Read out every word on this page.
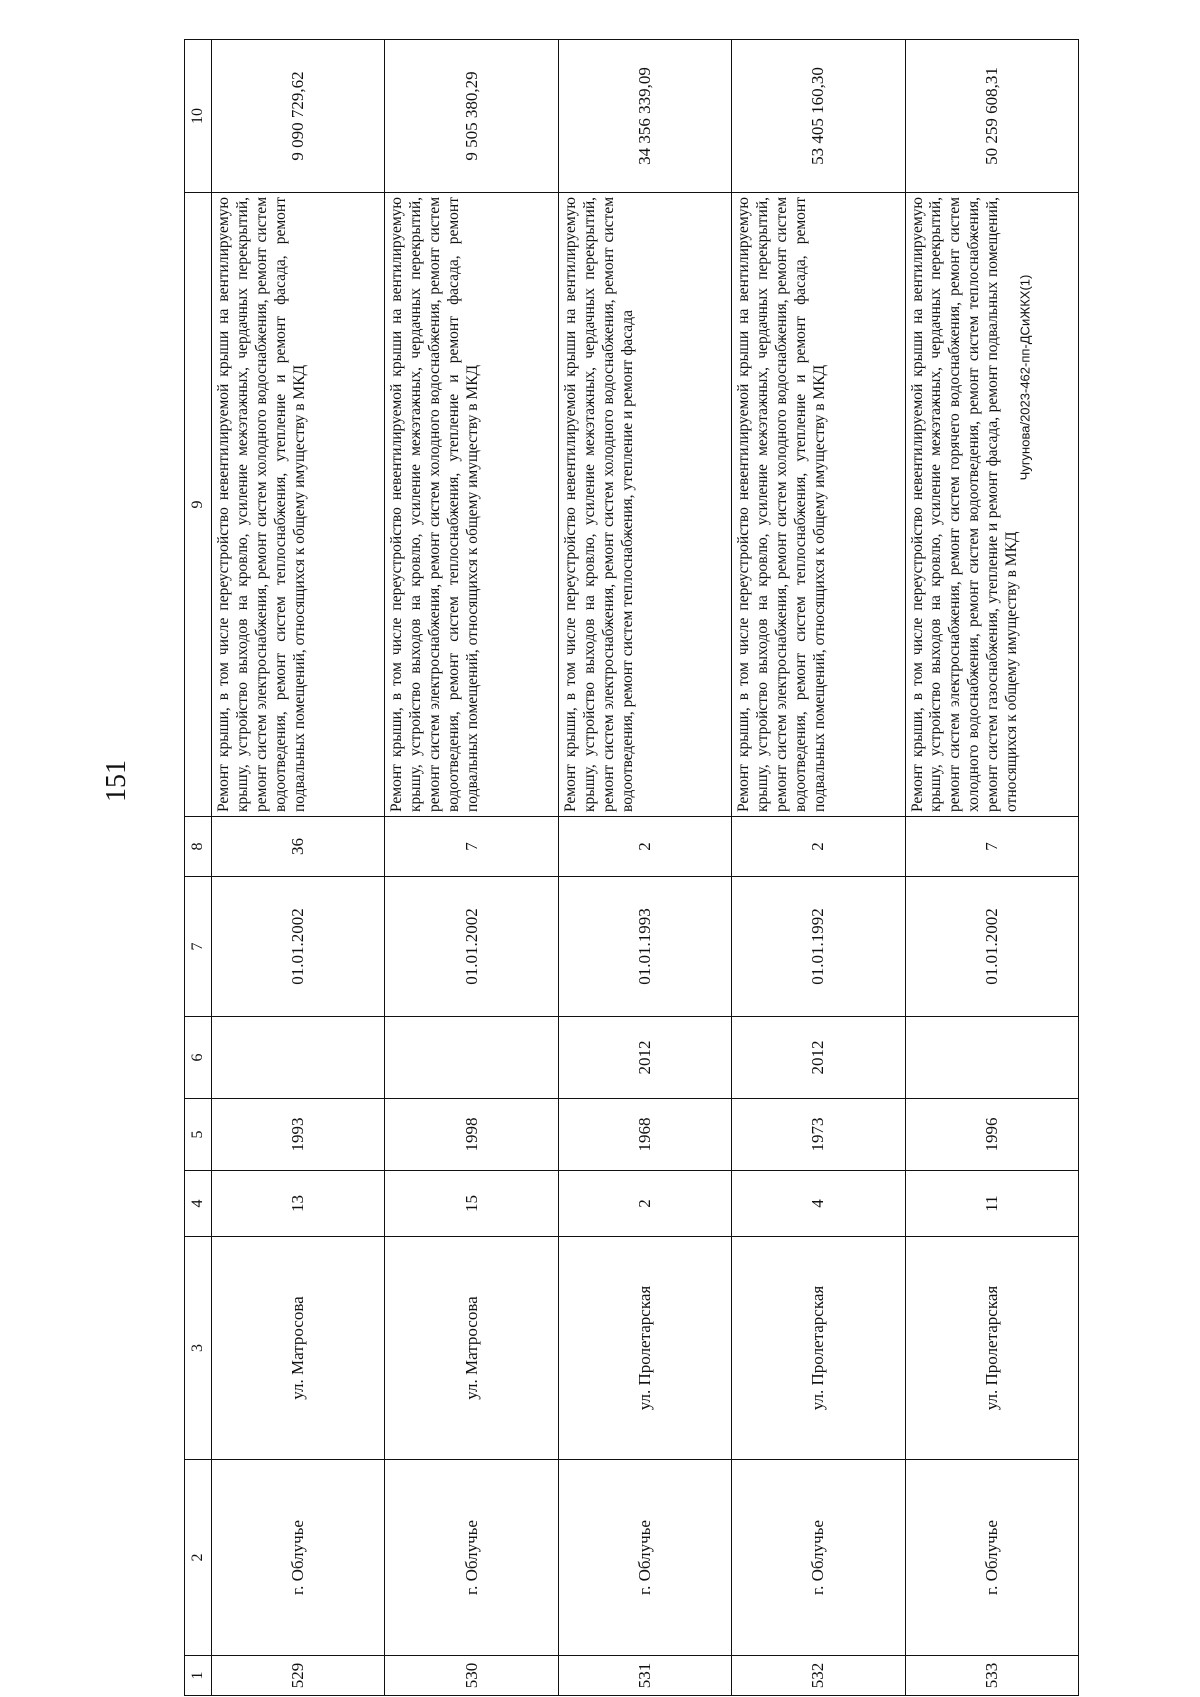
151
Чугунова/2023-462-пп-ДСиЖКХ(1)
1	2	3	4	5	6	7	8	9	10
529	г. Облучье	ул. Матросова	13	1993		01.01.2002	36	Ремонт крыши, в том числе переустройство невентилируемой крыши на вентилируемую крышу, устройство выходов на кровлю, усиление межэтажных, чердачных перекрытий, ремонт систем электроснабжения, ремонт систем холодного водоснабжения, ремонт систем водоотведения, ремонт систем теплоснабжения, утепление и ремонт фасада, ремонт подвальных помещений, относящихся к общему имуществу в МКД	9 090 729,62
530	г. Облучье	ул. Матросова	15	1998		01.01.2002	7	Ремонт крыши, в том числе переустройство невентилируемой крыши на вентилируемую крышу, устройство выходов на кровлю, усиление межэтажных, чердачных перекрытий, ремонт систем электроснабжения, ремонт систем холодного водоснабжения, ремонт систем водоотведения, ремонт систем теплоснабжения, утепление и ремонт фасада, ремонт подвальных помещений, относящихся к общему имуществу в МКД	9 505 380,29
531	г. Облучье	ул. Пролетарская	2	1968	2012	01.01.1993	2	Ремонт крыши, в том числе переустройство невентилируемой крыши на вентилируемую крышу, устройство выходов на кровлю, усиление межэтажных, чердачных перекрытий, ремонт систем электроснабжения, ремонт систем холодного водоснабжения, ремонт систем водоотведения, ремонт систем теплоснабжения, утепление и ремонт фасада	34 356 339,09
532	г. Облучье	ул. Пролетарская	4	1973	2012	01.01.1992	2	Ремонт крыши, в том числе переустройство невентилируемой крыши на вентилируемую крышу, устройство выходов на кровлю, усиление межэтажных, чердачных перекрытий, ремонт систем электроснабжения, ремонт систем холодного водоснабжения, ремонт систем водоотведения, ремонт систем теплоснабжения, утепление и ремонт фасада, ремонт подвальных помещений, относящихся к общему имуществу в МКД	53 405 160,30
533	г. Облучье	ул. Пролетарская	11	1996		01.01.2002	7	Ремонт крыши, в том числе переустройство невентилируемой крыши на вентилируемую крышу, устройство выходов на кровлю, усиление межэтажных, чердачных перекрытий, ремонт систем электроснабжения, ремонт систем горячего водоснабжения, ремонт систем холодного водоснабжения, ремонт систем водоотведения, ремонт систем теплоснабжения, ремонт систем газоснабжения, утепление и ремонт фасада, ремонт подвальных помещений, относящихся к общему имуществу в МКД	50 259 608,31
